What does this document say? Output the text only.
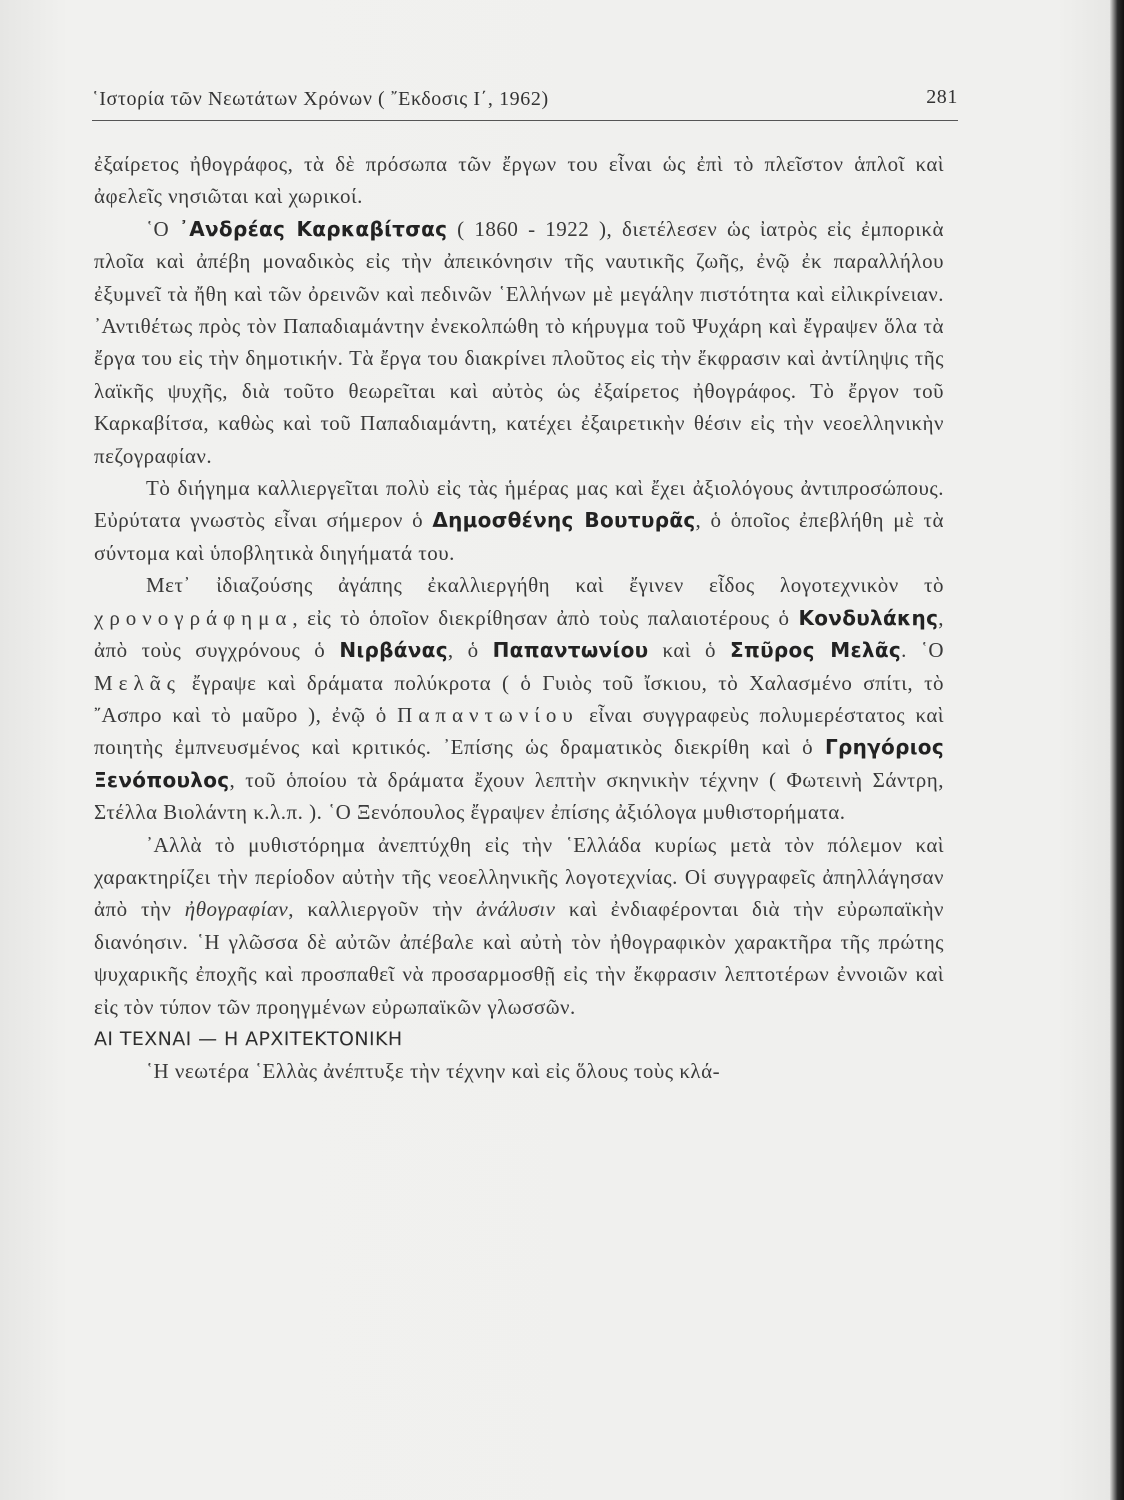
῾Ιστορία τῶν Νεωτάτων Χρόνων ( ῎Εκδοσις Ι΄, 1962)	281

ἐξαίρετος ἠθογράφος, τὰ δὲ πρόσωπα τῶν ἔργων του εἶναι ὡς ἐπὶ τὸ πλεῖστον ἁπλοῖ καὶ ἀφελεῖς νησιῶται καὶ χωρικοί.

῾Ο ᾿Ανδρέας Καρκαβίτσας ( 1860 - 1922 ), διετέλεσεν ὡς ἰατρὸς εἰς ἐμπορικὰ πλοῖα καὶ ἀπέβη μοναδικὸς εἰς τὴν ἀπεικόνησιν τῆς ναυτικῆς ζωῆς, ἐνῷ ἐκ παραλλήλου ἐξυμνεῖ τὰ ἤθη καὶ τῶν ὀρεινῶν καὶ πεδινῶν ῾Ελλήνων μὲ μεγάλην πιστότητα καὶ εἰλικρίνειαν. ᾿Αντιθέτως πρὸς τὸν Παπαδιαμάντην ἐνεκολπώθη τὸ κήρυγμα τοῦ Ψυχάρη καὶ ἔγραψεν ὅλα τὰ ἔργα του εἰς τὴν δημοτικήν. Τὰ ἔργα του διακρίνει πλοῦτος εἰς τὴν ἔκφρασιν καὶ ἀντίληψις τῆς λαϊκῆς ψυχῆς, διὰ τοῦτο θεωρεῖται καὶ αὐτὸς ὡς ἐξαίρετος ἠθογράφος. Τὸ ἔργον τοῦ Καρκαβίτσα, καθὼς καὶ τοῦ Παπαδιαμάντη, κατέχει ἐξαιρετικὴν θέσιν εἰς τὴν νεοελληνικὴν πεζογραφίαν.

Τὸ διήγημα καλλιεργεῖται πολὺ εἰς τὰς ἡμέρας μας καὶ ἔχει ἀξιολόγους ἀντιπροσώπους. Εὐρύτατα γνωστὸς εἶναι σήμερον ὁ Δημοσθένης Βουτυρᾶς, ὁ ὁποῖος ἐπεβλήθη μὲ τὰ σύντομα καὶ ὑποβλητικὰ διηγήματά του.

Μετ᾿ ἰδιαζούσης ἀγάπης ἐκαλλιεργήθη καὶ ἔγινεν εἶδος λογοτεχνικὸν τὸ χρονογράφημα, εἰς τὸ ὁποῖον διεκρίθησαν ἀπὸ τοὺς παλαιοτέρους ὁ Κονδυλάκης, ἀπὸ τοὺς συγχρόνους ὁ Νιρβάνας, ὁ Παπαντωνίου καὶ ὁ Σπῦρος Μελᾶς. ῾Ο Μελᾶς ἔγραψε καὶ δράματα πολύκροτα ( ὁ Γυιὸς τοῦ ἴσκιου, τὸ Χαλασμένο σπίτι, τὸ ῎Ασπρο καὶ τὸ μαῦρο ), ἐνῷ ὁ Παπαντωνίου εἶναι συγγραφεὺς πολυμερέστατος καὶ ποιητὴς ἐμπνευσμένος καὶ κριτικός. ᾿Επίσης ὡς δραματικὸς διεκρίθη καὶ ὁ Γρηγόριος Ξενόπουλος, τοῦ ὁποίου τὰ δράματα ἔχουν λεπτὴν σκηνικὴν τέχνην ( Φωτεινὴ Σάντρη, Στέλλα Βιολάντη κ.λ.π. ). ῾Ο Ξενόπουλος ἔγραψεν ἐπίσης ἀξιόλογα μυθιστορήματα.

᾿Αλλὰ τὸ μυθιστόρημα ἀνεπτύχθη εἰς τὴν ῾Ελλάδα κυρίως μετὰ τὸν πόλεμον καὶ χαρακτηρίζει τὴν περίοδον αὐτὴν τῆς νεοελληνικῆς λογοτεχνίας. Οἱ συγγραφεῖς ἀπηλλάγησαν ἀπὸ τὴν ἠθογραφίαν, καλλιεργοῦν τὴν ἀνάλυσιν καὶ ἐνδιαφέρονται διὰ τὴν εὐρωπαϊκὴν διανόησιν. ῾Η γλῶσσα δὲ αὐτῶν ἀπέβαλε καὶ αὐτὴ τὸν ἠθογραφικὸν χαρακτῆρα τῆς πρώτης ψυχαρικῆς ἐποχῆς καὶ προσπαθεῖ νὰ προσαρμοσθῇ εἰς τὴν ἔκφρασιν λεπτοτέρων ἐννοιῶν καὶ εἰς τὸν τύπον τῶν προηγμένων εὐρωπαϊκῶν γλωσσῶν.

ΑΙ ΤΕΧΝΑΙ — Η ΑΡΧΙΤΕΚΤΟΝΙΚΗ

῾Η νεωτέρα ῾Ελλὰς ἀνέπτυξε τὴν τέχνην καὶ εἰς ὅλους τοὺς κλά-
